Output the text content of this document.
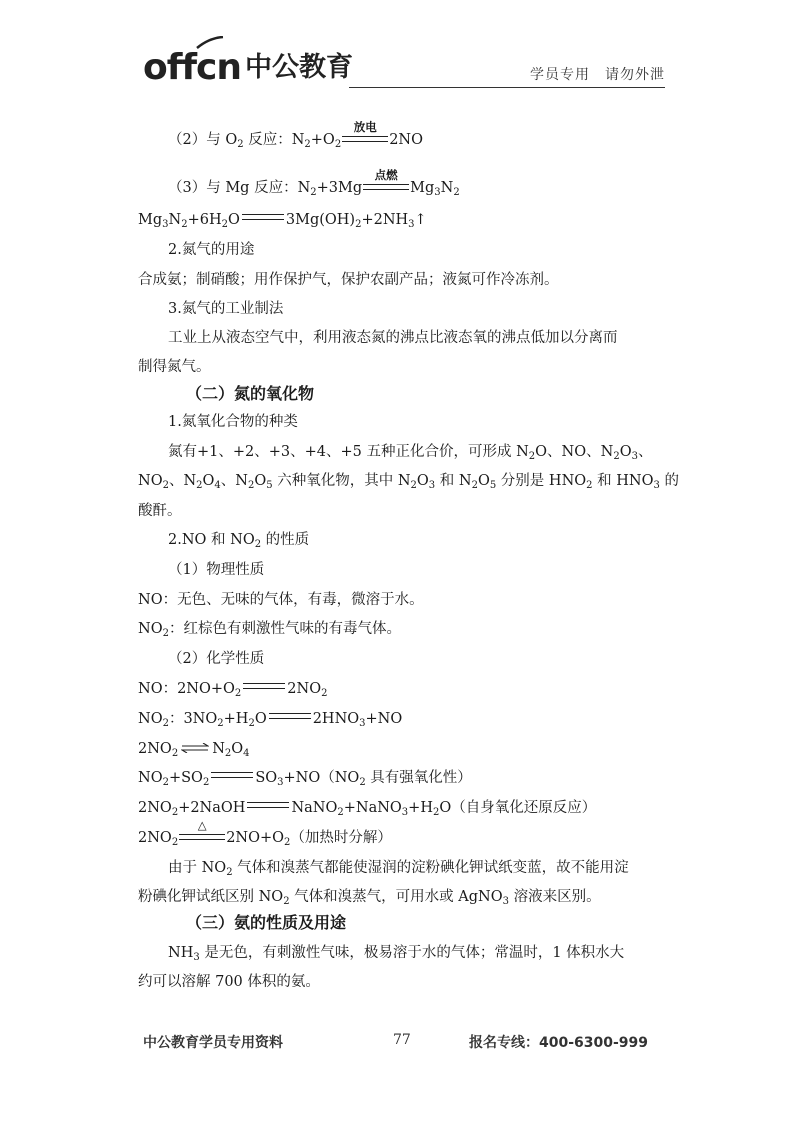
offcn 中公教育	学员专用　请勿外泄
（2）与 $O_2$ 反应：$N_2+O_2$
放电
2NO
（3）与 Mg 反应：$N_2+3Mg$
点燃
$Mg_3N_2$
$Mg_3N_2+6H_2O$	$3Mg(OH)_2+2NH_3↑$
2.氮气的用途
合成氨；制硝酸；用作保护气，保护农副产品；液氮可作冷冻剂。
3.氮气的工业制法
工业上从液态空气中，利用液态氮的沸点比液态氧的沸点低加以分离而
制得氮气。
（二）氮的氧化物
1.氮氧化合物的种类
氮有+1、+2、+3、+4、+5 五种正化合价，可形成 $N_2O$、NO、$N_2O_3$、
$NO_2$、$N_2O_4$、$N_2O_5$ 六种氧化物，其中 $N_2O_3$ 和 $N_2O_5$ 分别是 $HNO_2$ 和 $HNO_3$ 的
酸酐。
2.NO 和 $NO_2$ 的性质
（1）物理性质
NO：无色、无味的气体，有毒，微溶于水。
$NO_2$：红棕色有刺激性气味的有毒气体。
（2）化学性质
NO：$2NO+O_2$	$2NO_2$
$NO_2$：$3NO_2+H_2O$	$2HNO_3+NO$
$2NO_2$ ⇌ $N_2O_4$
$NO_2+SO_2$	$SO_3+NO(NO_2$ 具有强氧化性）
$2NO_2+2NaOH$	$NaNO_2+NaNO_3+H_2O$（自身氧化还原反应）
$2NO_2$
△
$2NO+O_2$（加热时分解）
由于 $NO_2$ 气体和溴蒸气都能使湿润的淀粉碘化钾试纸变蓝，故不能用淀
粉碘化钾试纸区别 $NO_2$ 气体和溴蒸气，可用水或 AgNO$_3$ 溶液来区别。
（三）氨的性质及用途
$NH_3$ 是无色，有刺激性气味，极易溶于水的气体；常温时，1 体积水大
约可以溶解 700 体积的氨。
中公教育学员专用资料	77	报名专线：400-6300-999
